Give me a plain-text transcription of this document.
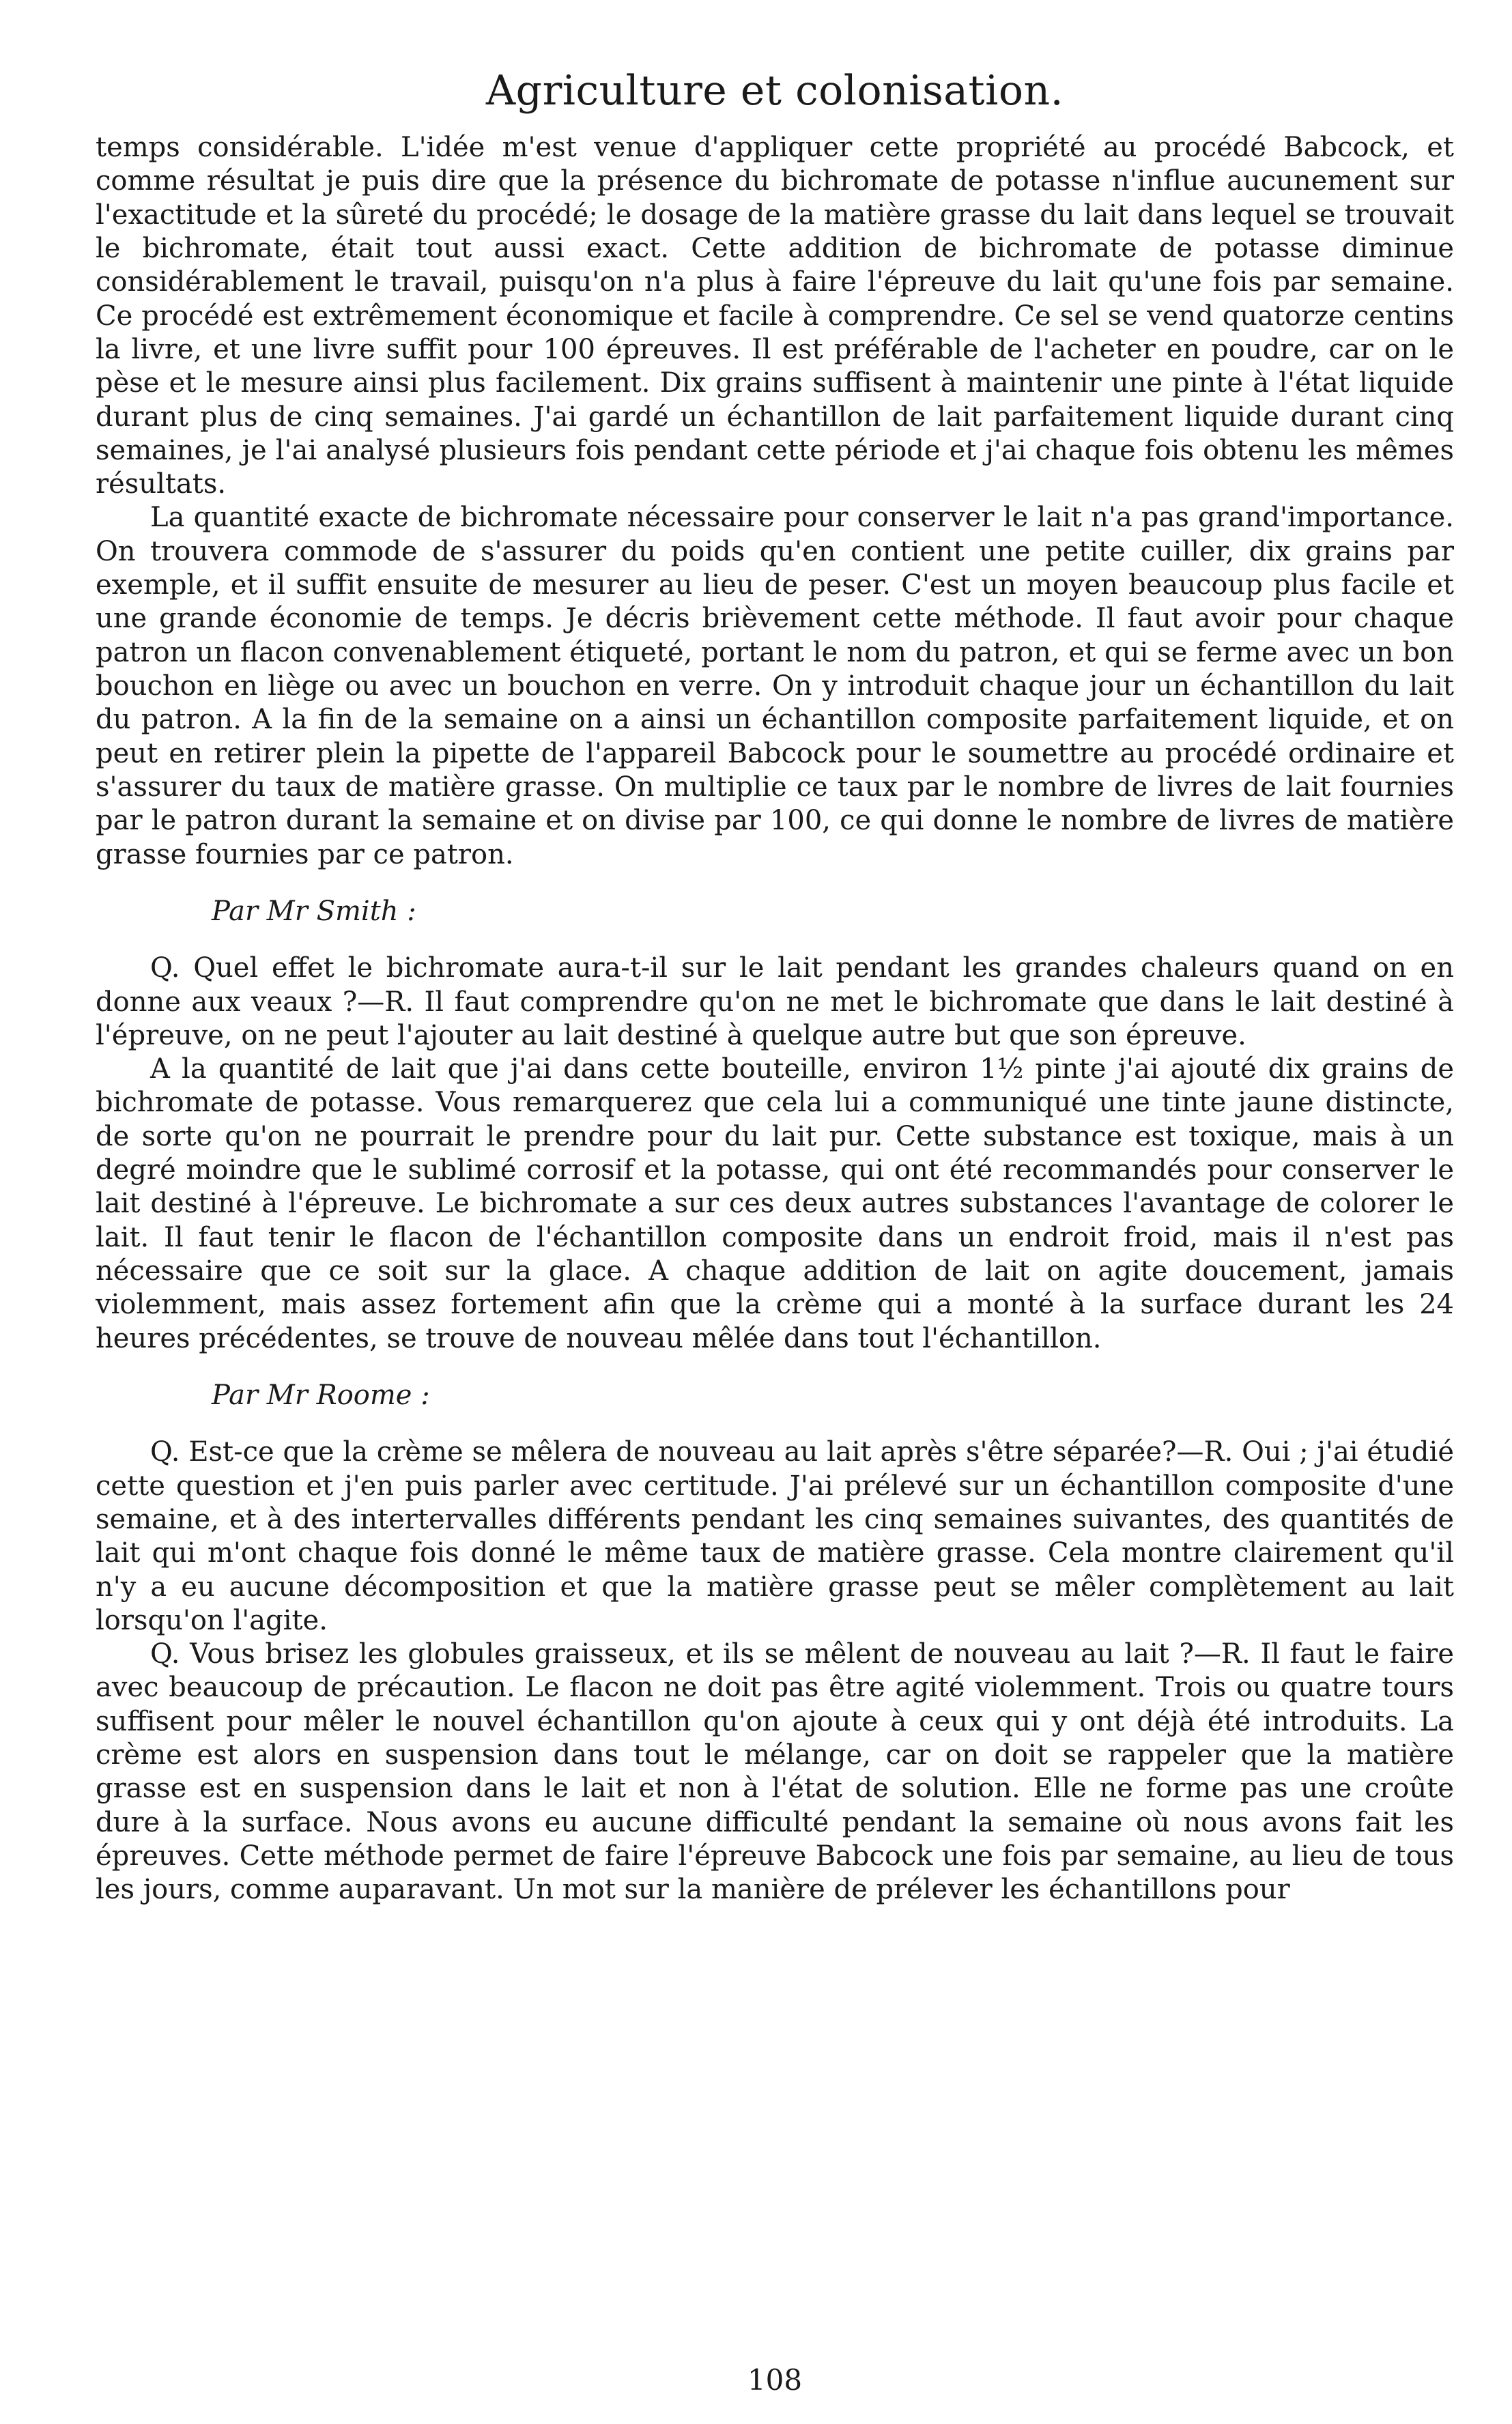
Agriculture et colonisation.

temps considérable. L'idée m'est venue d'appliquer cette propriété au procédé Babcock, et comme résultat je puis dire que la présence du bichromate de potasse n'influe aucunement sur l'exactitude et la sûreté du procédé; le dosage de la matière grasse du lait dans lequel se trouvait le bichromate, était tout aussi exact. Cette addition de bichromate de potasse diminue considérablement le travail, puisqu'on n'a plus à faire l'épreuve du lait qu'une fois par semaine. Ce procédé est extrêmement économique et facile à comprendre. Ce sel se vend quatorze centins la livre, et une livre suffit pour 100 épreuves. Il est préférable de l'acheter en poudre, car on le pèse et le mesure ainsi plus facilement. Dix grains suffisent à maintenir une pinte à l'état liquide durant plus de cinq semaines. J'ai gardé un échantillon de lait parfaitement liquide durant cinq semaines, je l'ai analysé plusieurs fois pendant cette période et j'ai chaque fois obtenu les mêmes résultats.

La quantité exacte de bichromate nécessaire pour conserver le lait n'a pas grand'importance. On trouvera commode de s'assurer du poids qu'en contient une petite cuiller, dix grains par exemple, et il suffit ensuite de mesurer au lieu de peser. C'est un moyen beaucoup plus facile et une grande économie de temps. Je décris brièvement cette méthode. Il faut avoir pour chaque patron un flacon convenablement étiqueté, portant le nom du patron, et qui se ferme avec un bon bouchon en liège ou avec un bouchon en verre. On y introduit chaque jour un échantillon du lait du patron. A la fin de la semaine on a ainsi un échantillon composite parfaitement liquide, et on peut en retirer plein la pipette de l'appareil Babcock pour le soumettre au procédé ordinaire et s'assurer du taux de matière grasse. On multiplie ce taux par le nombre de livres de lait fournies par le patron durant la semaine et on divise par 100, ce qui donne le nombre de livres de matière grasse fournies par ce patron.

Par Mr Smith :

Q. Quel effet le bichromate aura-t-il sur le lait pendant les grandes chaleurs quand on en donne aux veaux ?—R. Il faut comprendre qu'on ne met le bichromate que dans le lait destiné à l'épreuve, on ne peut l'ajouter au lait destiné à quelque autre but que son épreuve.

A la quantité de lait que j'ai dans cette bouteille, environ 1½ pinte j'ai ajouté dix grains de bichromate de potasse. Vous remarquerez que cela lui a communiqué une tinte jaune distincte, de sorte qu'on ne pourrait le prendre pour du lait pur. Cette substance est toxique, mais à un degré moindre que le sublimé corrosif et la potasse, qui ont été recommandés pour conserver le lait destiné à l'épreuve. Le bichromate a sur ces deux autres substances l'avantage de colorer le lait. Il faut tenir le flacon de l'échantillon composite dans un endroit froid, mais il n'est pas nécessaire que ce soit sur la glace. A chaque addition de lait on agite doucement, jamais violemment, mais assez fortement afin que la crème qui a monté à la surface durant les 24 heures précédentes, se trouve de nouveau mêlée dans tout l'échantillon.

Par Mr Roome :

Q. Est-ce que la crème se mêlera de nouveau au lait après s'être séparée?—R. Oui ; j'ai étudié cette question et j'en puis parler avec certitude. J'ai prélevé sur un échantillon composite d'une semaine, et à des intertervalles différents pendant les cinq semaines suivantes, des quantités de lait qui m'ont chaque fois donné le même taux de matière grasse. Cela montre clairement qu'il n'y a eu aucune décomposition et que la matière grasse peut se mêler complètement au lait lorsqu'on l'agite.

Q. Vous brisez les globules graisseux, et ils se mêlent de nouveau au lait ?—R. Il faut le faire avec beaucoup de précaution. Le flacon ne doit pas être agité violemment. Trois ou quatre tours suffisent pour mêler le nouvel échantillon qu'on ajoute à ceux qui y ont déjà été introduits. La crème est alors en suspension dans tout le mélange, car on doit se rappeler que la matière grasse est en suspension dans le lait et non à l'état de solution. Elle ne forme pas une croûte dure à la surface. Nous avons eu aucune difficulté pendant la semaine où nous avons fait les épreuves. Cette méthode permet de faire l'épreuve Babcock une fois par semaine, au lieu de tous les jours, comme auparavant. Un mot sur la manière de prélever les échantillons pour

108
